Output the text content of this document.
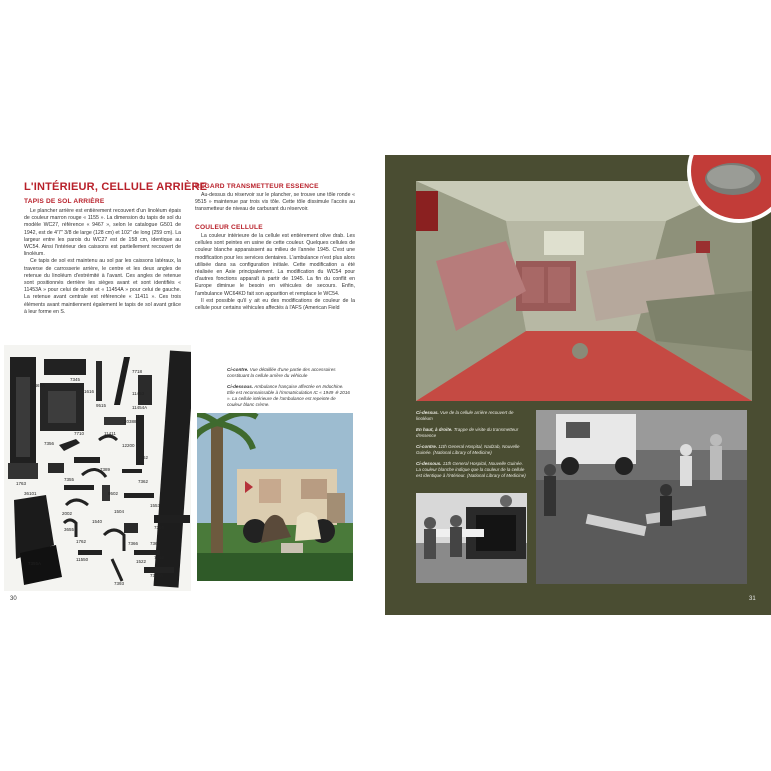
L'INTÉRIEUR, CELLULE ARRIÈRE
TAPIS DE SOL ARRIÈRE

Le plancher arrière est entièrement recouvert d'un linoléum épais de couleur marron rouge « 1155 ». La dimension du tapis de sol du modèle WC27, référence « 9467 », selon le catalogue G501 de 1942, est de 4'7" 3/8 de large (128 cm) et 102" de long (259 cm). La largeur entre les parois du WC27 est de 158 cm, identique au WC54. Ainsi l'intérieur des caissons est partiellement recouvert de linoléum.

Ce tapis de sol est maintenu au sol par les caissons latéraux, la traverse de carrosserie arrière, le centre et les deux angles de retenue du linoléum d'extrémité à l'avant. Ces angles de retenue sont positionnés derrière les sièges avant et sont identifiés « 11453A » pour celui de droite et « 11454A » pour celui de gauche. La retenue avant centrale est référencée « 11411 ». Ces trois éléments avant maintiennent également le tapis de sol avant grâce à leur forme en S.

REGARD TRANSMETTEUR ESSENCE

Au-dessus du réservoir sur le plancher, se trouve une tôle ronde « 9515 » maintenue par trois vis tôle. Cette tôle dissimule l'accès au transmetteur de niveau de carburant du réservoir.

COULEUR CELLULE

La couleur intérieure de la cellule est entièrement olive drab. Les cellules sont peintes en usine de cette couleur. Quelques cellules de couleur blanche apparaissent au milieu de l'année 1945. C'est une modification pour les services dentaires. L'ambulance n'est plus alors utilisée dans sa configuration initiale. Cette modification a été réalisée en Asie principalement. La modification du WC54 pour d'autres fonctions apparaît à partir de 1945. La fin du conflit en Europe diminue le besoin en véhicules de secours. Enfin, l'ambulance WC64KD fait son apparition et remplace le WC54.

Il est possible qu'il y ait eu des modifications de couleur de la cellule pour certains véhicules affectés à l'AFS (American Field

Ci-contre. Vue détaillée d'une partie des accessoires constituant la cellule arrière du véhicule

Ci-dessous. Ambulance française affectée en Indochine. Elle est reconnaissable à l'immatriculation IC « 1949 ※ 2016 ». La cellule intérieure de l'ambulance est repeinte de couleur blanc crème.

7345
9467A
7718
1616	11453
9515	11454A
20388
7710	11411
7356	12200
7362
1763
7355	7362
7389
9502
1553
1504
2002
36101
1762	7366
3655
1540
7369
7367
7368
11550	1522
7355A
7356A
7393
30

Ci-dessus. Vue de la cellule arrière recouvert de linoléum

En haut, à droite. Trappe de visite du transmetteur d'essence

Ci-contre. 11th General Hospital, Nadzab, Nouvelle Guinée. (National Library of Medicine)

Ci-dessous. 11th General Hospital, Nouvelle Guinée. La couleur blanche indique que la couleur de la cellule est identique à l'intérieur. (National Library of Medicine)

31
